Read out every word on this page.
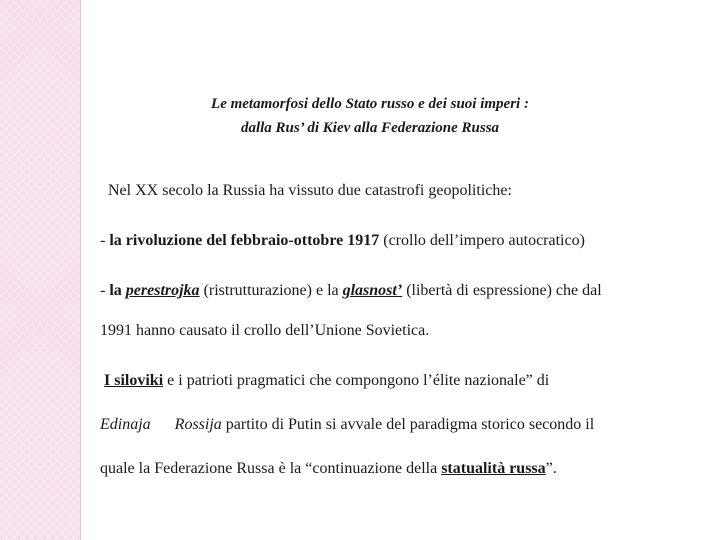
Le metamorfosi dello Stato russo e dei suoi imperi :
dalla Rus’ di Kiev alla Federazione Russa
Nel XX secolo la Russia ha vissuto due catastrofi geopolitiche:
- la rivoluzione del febbraio-ottobre 1917 (crollo dell’impero autocratico)
- la perestrojka (ristrutturazione) e la glasnost’ (libertà di espressione) che dal
1991 hanno causato il crollo dell’Unione Sovietica.
I siloviki e i patrioti pragmatici che compongono l’élite nazionale” di
Edinaja Rossija partito di Putin si avvale del paradigma storico secondo il
quale la Federazione Russa è la “continuazione della statualità russa”.
